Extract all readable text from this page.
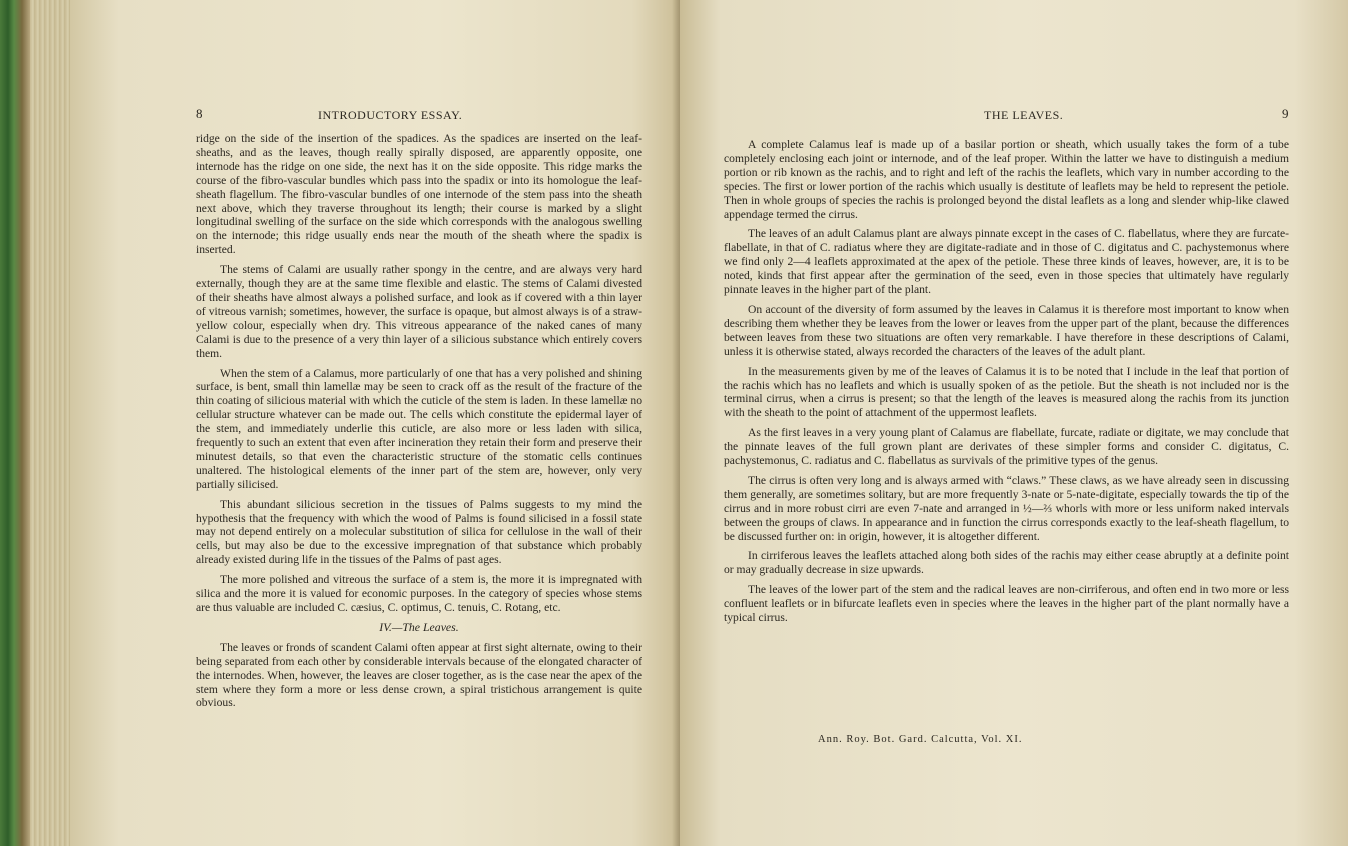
8	INTRODUCTORY ESSAY.

ridge on the side of the insertion of the spadices. As the spadices are inserted on the leaf-sheaths, and as the leaves, though really spirally disposed, are apparently opposite, one internode has the ridge on one side, the next has it on the side opposite. This ridge marks the course of the fibro-vascular bundles which pass into the spadix or into its homologue the leaf-sheath flagellum. The fibro-vascular bundles of one internode of the stem pass into the sheath next above, which they traverse throughout its length; their course is marked by a slight longitudinal swelling of the surface on the side which corresponds with the analogous swelling on the internode; this ridge usually ends near the mouth of the sheath where the spadix is inserted.

The stems of Calami are usually rather spongy in the centre, and are always very hard externally, though they are at the same time flexible and elastic. The stems of Calami divested of their sheaths have almost always a polished surface, and look as if covered with a thin layer of vitreous varnish; sometimes, however, the surface is opaque, but almost always is of a straw-yellow colour, especially when dry. This vitreous appearance of the naked canes of many Calami is due to the presence of a very thin layer of a silicious substance which entirely covers them.

When the stem of a Calamus, more particularly of one that has a very polished and shining surface, is bent, small thin lamellæ may be seen to crack off as the result of the fracture of the thin coating of silicious material with which the cuticle of the stem is laden. In these lamellæ no cellular structure whatever can be made out. The cells which constitute the epidermal layer of the stem, and immediately underlie this cuticle, are also more or less laden with silica, frequently to such an extent that even after incineration they retain their form and preserve their minutest details, so that even the characteristic structure of the stomatic cells continues unaltered. The histological elements of the inner part of the stem are, however, only very partially silicised.

This abundant silicious secretion in the tissues of Palms suggests to my mind the hypothesis that the frequency with which the wood of Palms is found silicised in a fossil state may not depend entirely on a molecular substitution of silica for cellulose in the wall of their cells, but may also be due to the excessive impregnation of that substance which probably already existed during life in the tissues of the Palms of past ages.

The more polished and vitreous the surface of a stem is, the more it is impregnated with silica and the more it is valued for economic purposes. In the category of species whose stems are thus valuable are included C. cæsius, C. optimus, C. tenuis, C. Rotang, etc.

IV.—The Leaves.

The leaves or fronds of scandent Calami often appear at first sight alternate, owing to their being separated from each other by considerable intervals because of the elongated character of the internodes. When, however, the leaves are closer together, as is the case near the apex of the stem where they form a more or less dense crown, a spiral tristichous arrangement is quite obvious.

THE LEAVES.	9

A complete Calamus leaf is made up of a basilar portion or sheath, which usually takes the form of a tube completely enclosing each joint or internode, and of the leaf proper. Within the latter we have to distinguish a medium portion or rib known as the rachis, and to right and left of the rachis the leaflets, which vary in number according to the species. The first or lower portion of the rachis which usually is destitute of leaflets may be held to represent the petiole. Then in whole groups of species the rachis is prolonged beyond the distal leaflets as a long and slender whip-like clawed appendage termed the cirrus.

The leaves of an adult Calamus plant are always pinnate except in the cases of C. flabellatus, where they are furcate-flabellate, in that of C. radiatus where they are digitate-radiate and in those of C. digitatus and C. pachystemonus where we find only 2—4 leaflets approximated at the apex of the petiole. These three kinds of leaves, however, are, it is to be noted, kinds that first appear after the germination of the seed, even in those species that ultimately have regularly pinnate leaves in the higher part of the plant.

On account of the diversity of form assumed by the leaves in Calamus it is therefore most important to know when describing them whether they be leaves from the lower or leaves from the upper part of the plant, because the differences between leaves from these two situations are often very remarkable. I have therefore in these descriptions of Calami, unless it is otherwise stated, always recorded the characters of the leaves of the adult plant.

In the measurements given by me of the leaves of Calamus it is to be noted that I include in the leaf that portion of the rachis which has no leaflets and which is usually spoken of as the petiole. But the sheath is not included nor is the terminal cirrus, when a cirrus is present; so that the length of the leaves is measured along the rachis from its junction with the sheath to the point of attachment of the uppermost leaflets.

As the first leaves in a very young plant of Calamus are flabellate, furcate, radiate or digitate, we may conclude that the pinnate leaves of the full grown plant are derivates of these simpler forms and consider C. digitatus, C. pachystemonus, C. radiatus and C. flabellatus as survivals of the primitive types of the genus.

The cirrus is often very long and is always armed with “claws.” These claws, as we have already seen in discussing them generally, are sometimes solitary, but are more frequently 3-nate or 5-nate-digitate, especially towards the tip of the cirrus and in more robust cirri are even 7-nate and arranged in ½—⅔ whorls with more or less uniform naked intervals between the groups of claws. In appearance and in function the cirrus corresponds exactly to the leaf-sheath flagellum, to be discussed further on: in origin, however, it is altogether different.

In cirriferous leaves the leaflets attached along both sides of the rachis may either cease abruptly at a definite point or may gradually decrease in size upwards.

The leaves of the lower part of the stem and the radical leaves are non-cirriferous, and often end in two more or less confluent leaflets or in bifurcate leaflets even in species where the leaves in the higher part of the plant normally have a typical cirrus.

Ann. Roy. Bot. Gard. Calcutta, Vol. XI.
